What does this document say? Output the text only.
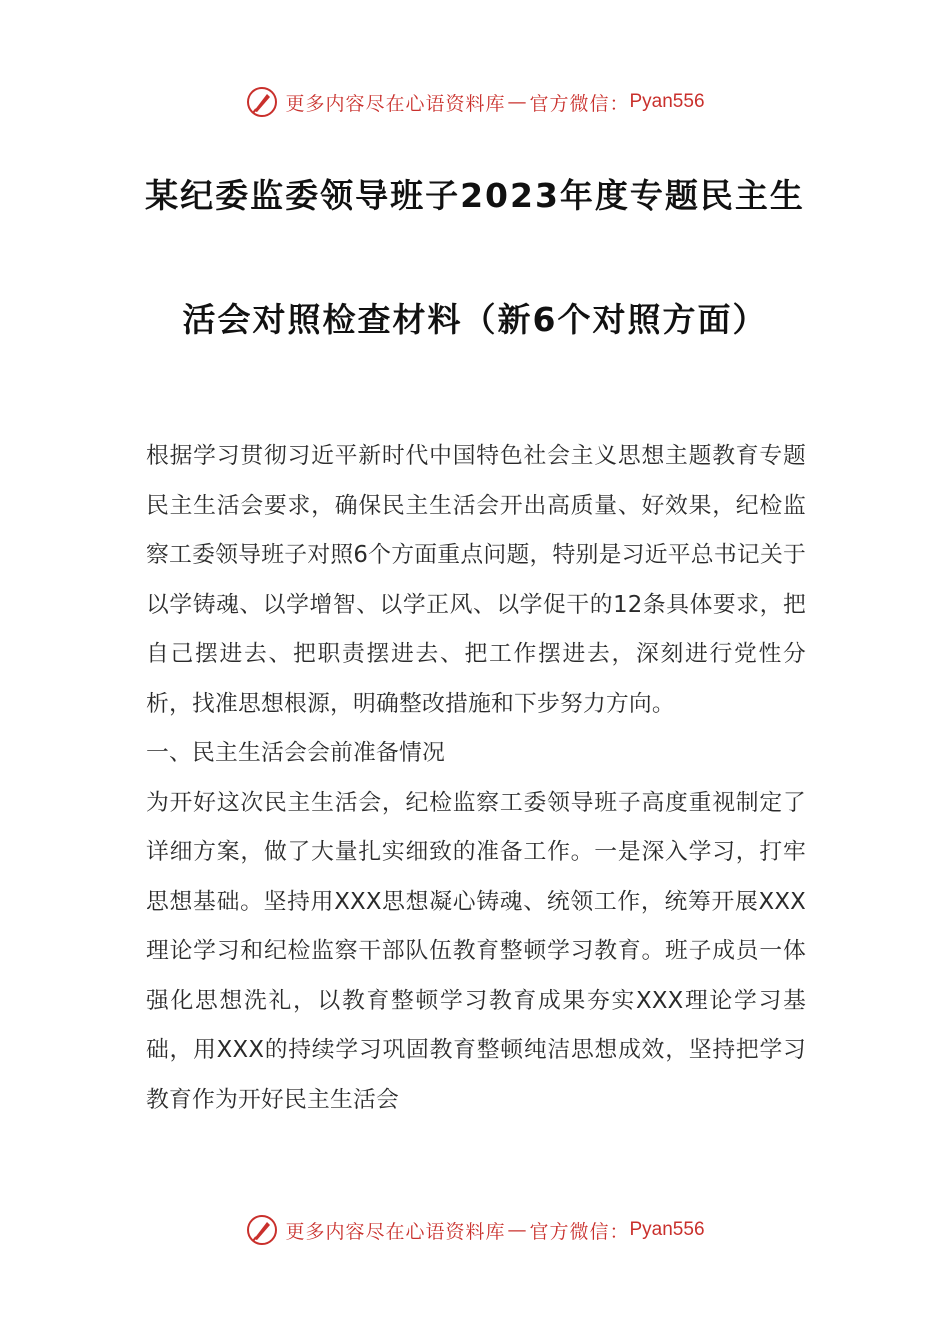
更多内容尽在心语资料库 — 官方微信： Pyan556
某纪委监委领导班子2023年度专题民主生
活会对照检查材料（新6个对照方面）

根据学习贯彻习近平新时代中国特色社会主义思想主题教育专题民主生活会要求，确保民主生活会开出高质量、好效果，纪检监察工委领导班子对照6个方面重点问题，特别是习近平总书记关于以学铸魂、以学增智、以学正风、以学促干的12条具体要求，把自己摆进去、把职责摆进去、把工作摆进去，深刻进行党性分析，找准思想根源，明确整改措施和下步努力方向。

一、民主生活会会前准备情况

为开好这次民主生活会，纪检监察工委领导班子高度重视制定了详细方案，做了大量扎实细致的准备工作。一是深入学习，打牢思想基础。坚持用XXX思想凝心铸魂、统领工作，统筹开展XXX理论学习和纪检监察干部队伍教育整顿学习教育。班子成员一体强化思想洗礼，以教育整顿学习教育成果夯实XXX理论学习基础，用XXX的持续学习巩固教育整顿纯洁思想成效，坚持把学习教育作为开好民主生活会

更多内容尽在心语资料库 — 官方微信： Pyan556
